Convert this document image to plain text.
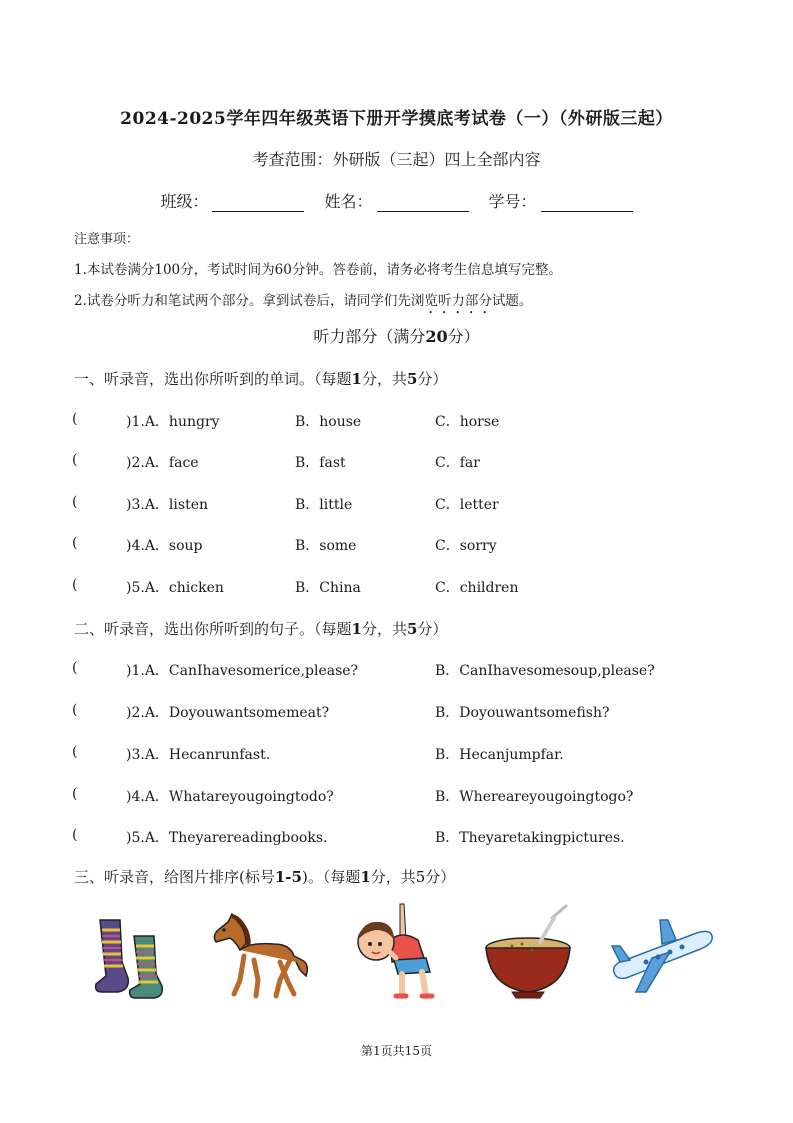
2024-2025学年四年级英语下册开学摸底考试卷（一）（外研版三起）
考查范围：外研版（三起）四上全部内容
班级：	姓名：	学号：
注意事项：
1.本试卷满分100分，考试时间为60分钟。答卷前，请务必将考生信息填写完整。
2.试卷分听力和笔试两个部分。拿到试卷后，请同学们先浏览听力部分试题。
听力部分（满分20分）
一、听录音，选出你所听到的单词。（每题1分，共5分）
(	)1.A．hungry	B．house	C．horse
(	)2.A．face	B．fast	C．far
(	)3.A．listen	B．little	C．letter
(	)4.A．soup	B．some	C．sorry
(	)5.A．chicken	B．China	C．children
二、听录音，选出你所听到的句子。（每题1分，共5分）
(	)1.A．CanIhavesomerice,please?	B．CanIhavesomesoup,please?
(	)2.A．Doyouwantsomemeat?	B．Doyouwantsomefish?
(	)3.A．Hecanrunfast.	B．Hecanjumpfar.
(	)4.A．Whatareyougoingtodo?	B．Whereareyougoingtogo?
(	)5.A．Theyarereadingbooks.	B．Theyaretakingpictures.
三、听录音，给图片排序(标号1-5)。（每题1分，共5分）
第1页共15页
